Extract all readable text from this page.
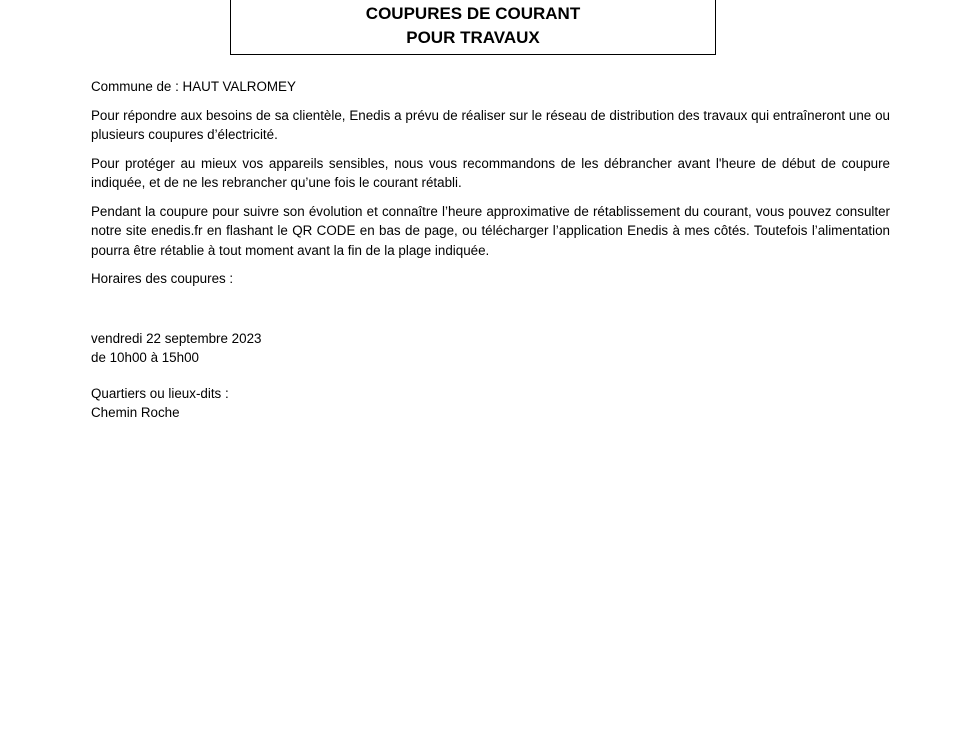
COUPURES DE COURANT
POUR TRAVAUX

Commune de : HAUT VALROMEY

Pour répondre aux besoins de sa clientèle, Enedis a prévu de réaliser sur le réseau de distribution des travaux qui entraîneront une ou plusieurs coupures d’électricité.

Pour protéger au mieux vos appareils sensibles, nous vous recommandons de les débrancher avant l'heure de début de coupure indiquée, et de ne les rebrancher qu’une fois le courant rétabli.

Pendant la coupure pour suivre son évolution et connaître l’heure approximative de rétablissement du courant, vous pouvez consulter notre site enedis.fr en flashant le QR CODE en bas de page, ou télécharger l’application Enedis à mes côtés. Toutefois l’alimentation pourra être rétablie à tout moment avant la fin de la plage indiquée.

Horaires des coupures :

vendredi 22 septembre 2023

de 10h00 à 15h00

Quartiers ou lieux-dits :

Chemin Roche
